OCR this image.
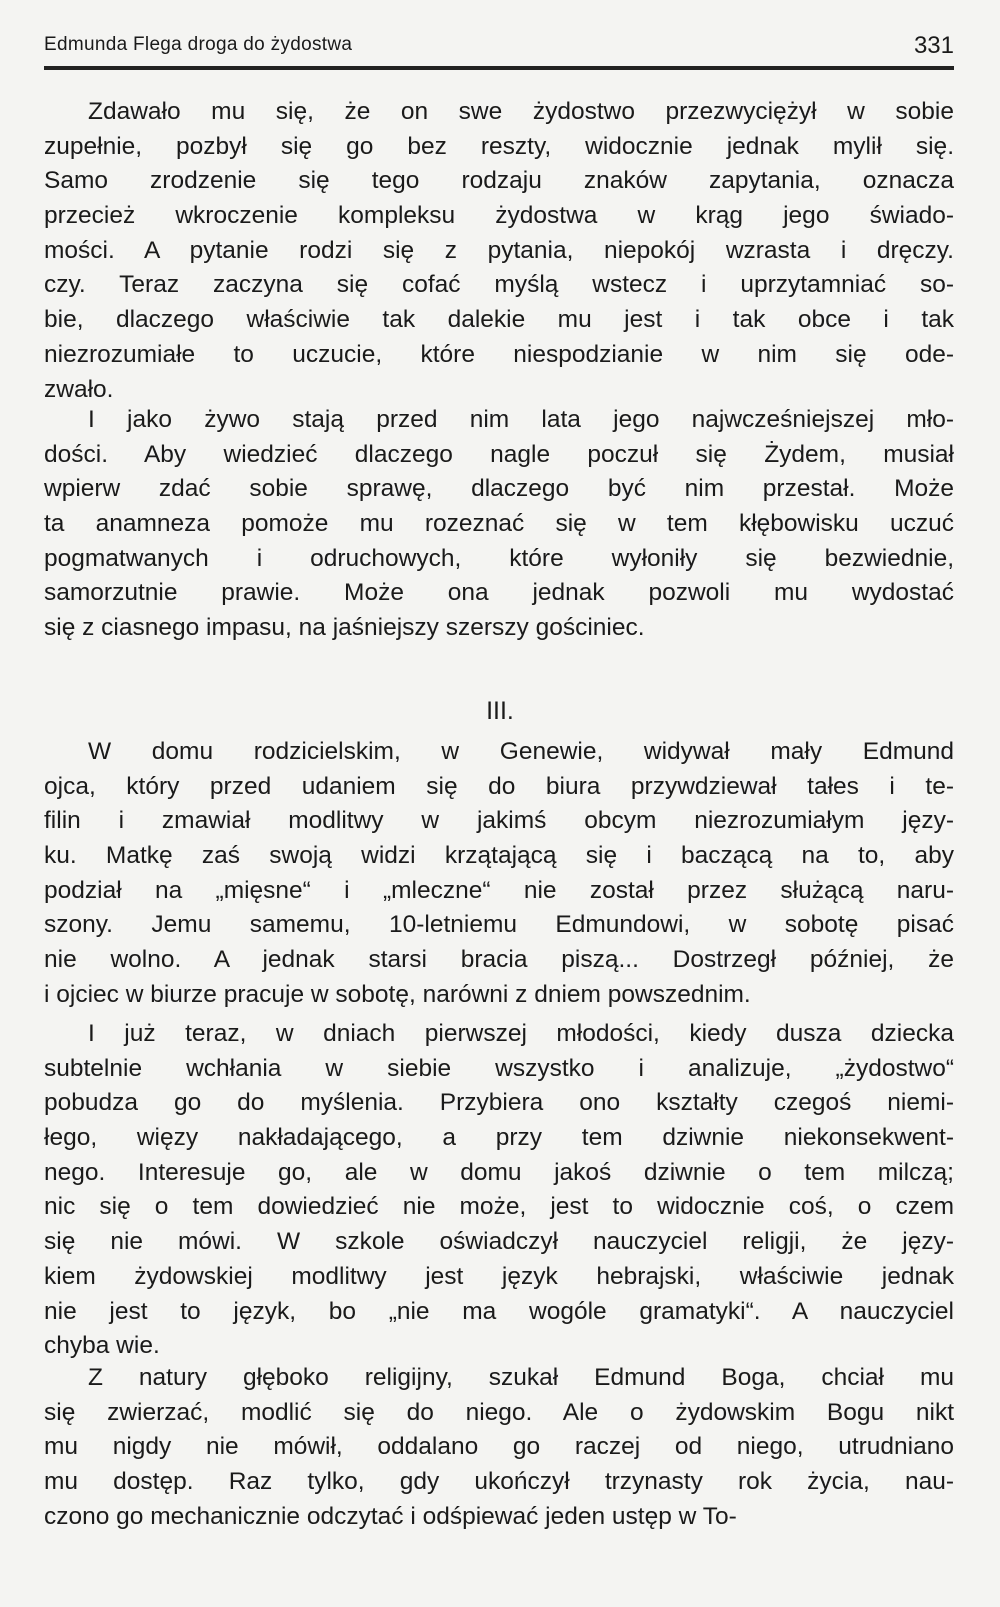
Edmunda Flega droga do żydostwa	331
Zdawało mu się, że on swe żydostwo przezwyciężył w sobie
zupełnie, pozbył się go bez reszty, widocznie jednak mylił się.
Samo zrodzenie się tego rodzaju znaków zapytania, oznacza
przecież wkroczenie kompleksu żydostwa w krąg jego świado-
mości. A pytanie rodzi się z pytania, niepokój wzrasta i dręczy.
czy. Teraz zaczyna się cofać myślą wstecz i uprzytamniać so-
bie, dlaczego właściwie tak dalekie mu jest i tak obce i tak
niezrozumiałe to uczucie, które niespodzianie w nim się ode-
zwało.
I jako żywo stają przed nim lata jego najwcześniejszej mło-
dości. Aby wiedzieć dlaczego nagle poczuł się Żydem, musiał
wpierw zdać sobie sprawę, dlaczego być nim przestał. Może
ta anamneza pomoże mu rozeznać się w tem kłębowisku uczuć
pogmatwanych i odruchowych, które wyłoniły się bezwiednie,
samorzutnie prawie. Może ona jednak pozwoli mu wydostać
się z ciasnego impasu, na jaśniejszy szerszy gościniec.
III.
W domu rodzicielskim, w Genewie, widywał mały Edmund
ojca, który przed udaniem się do biura przywdziewał tałes i te-
filin i zmawiał modlitwy w jakimś obcym niezrozumiałym języ-
ku. Matkę zaś swoją widzi krzątającą się i baczącą na to, aby
podział na „mięsne“ i „mleczne“ nie został przez służącą naru-
szony. Jemu samemu, 10-letniemu Edmundowi, w sobotę pisać
nie wolno. A jednak starsi bracia piszą... Dostrzegł później, że
i ojciec w biurze pracuje w sobotę, narówni z dniem powszednim.
I już teraz, w dniach pierwszej młodości, kiedy dusza dziecka
subtelnie wchłania w siebie wszystko i analizuje, „żydostwo“
pobudza go do myślenia. Przybiera ono kształty czegoś niemi-
łego, więzy nakładającego, a przy tem dziwnie niekonsekwent-
nego. Interesuje go, ale w domu jakoś dziwnie o tem milczą;
nic się o tem dowiedzieć nie może, jest to widocznie coś, o czem
się nie mówi. W szkole oświadczył nauczyciel religji, że języ-
kiem żydowskiej modlitwy jest język hebrajski, właściwie jednak
nie jest to język, bo „nie ma wogóle gramatyki“. A nauczyciel
chyba wie.
Z natury głęboko religijny, szukał Edmund Boga, chciał mu
się zwierzać, modlić się do niego. Ale o żydowskim Bogu nikt
mu nigdy nie mówił, oddalano go raczej od niego, utrudniano
mu dostęp. Raz tylko, gdy ukończył trzynasty rok życia, nau-
czono go mechanicznie odczytać i odśpiewać jeden ustęp w To-
